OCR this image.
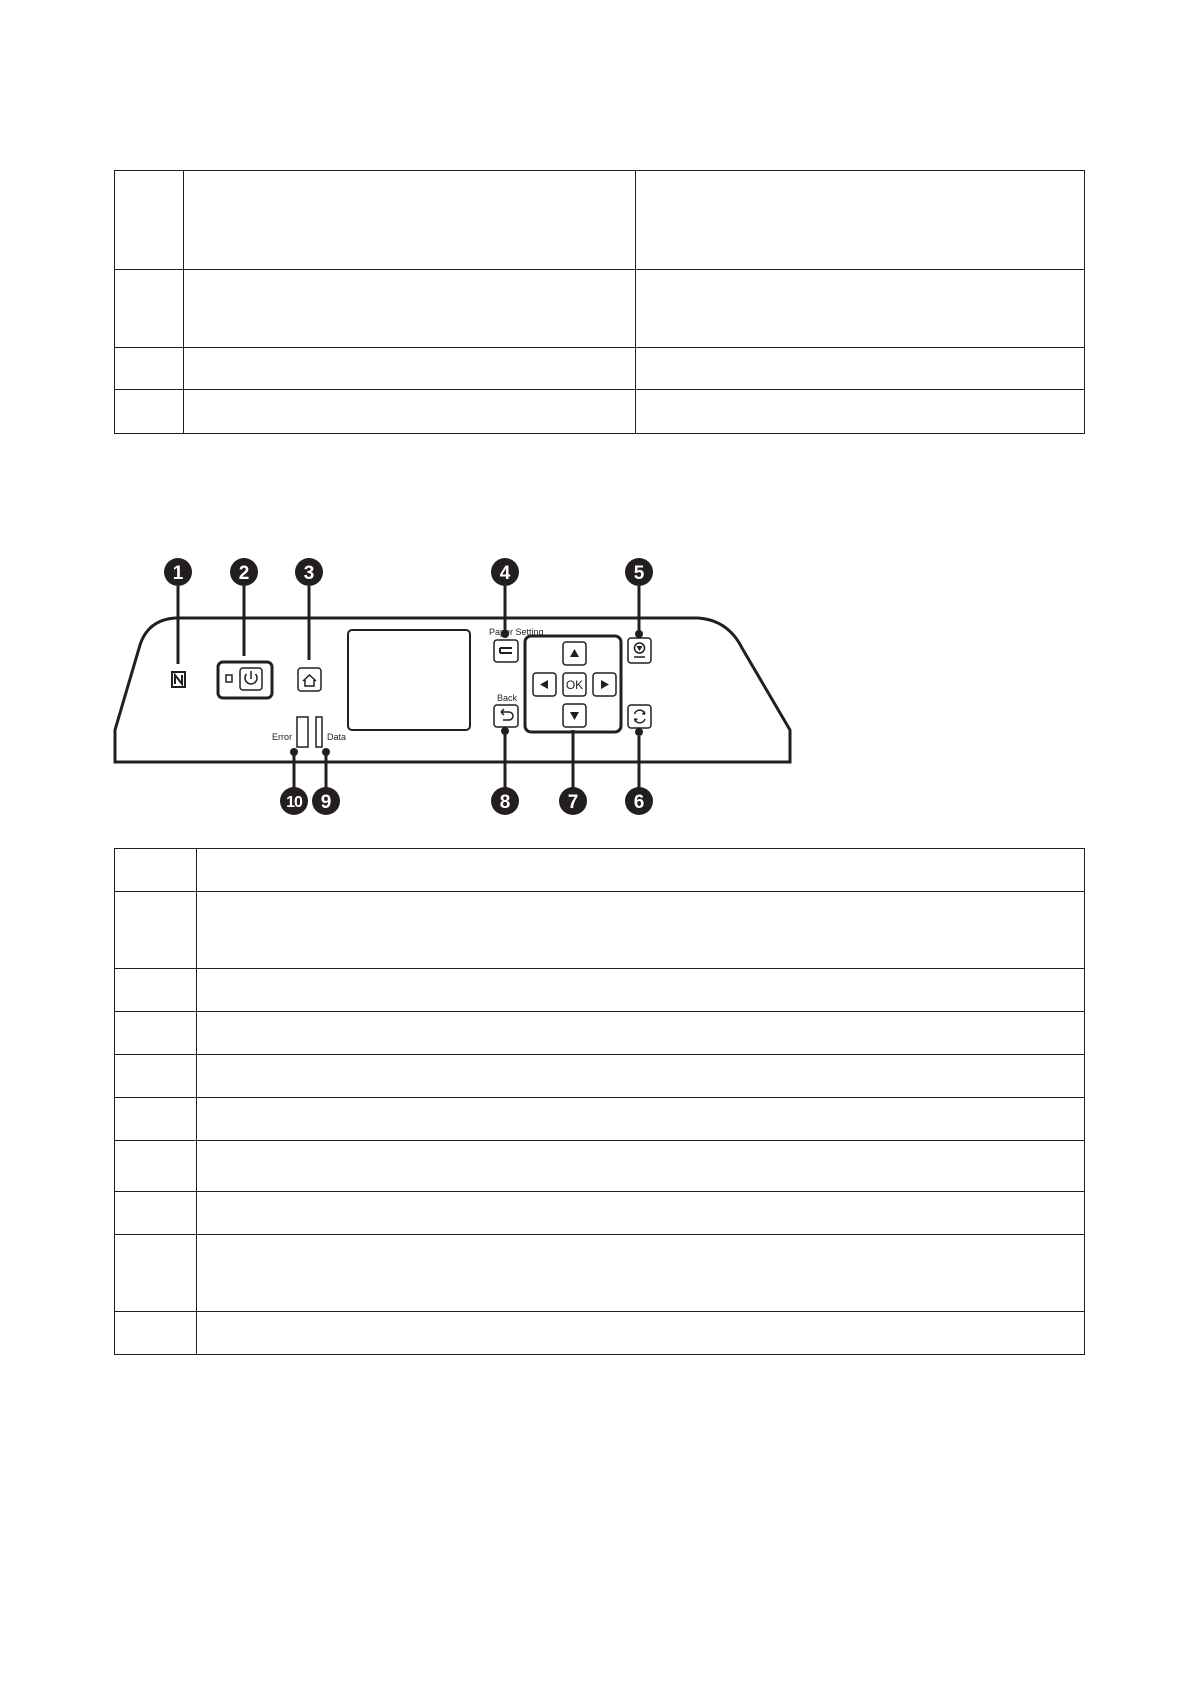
Paper Setting
Back
OK
Error	Data
1	2	3	4	5
6
7
8
9
10
